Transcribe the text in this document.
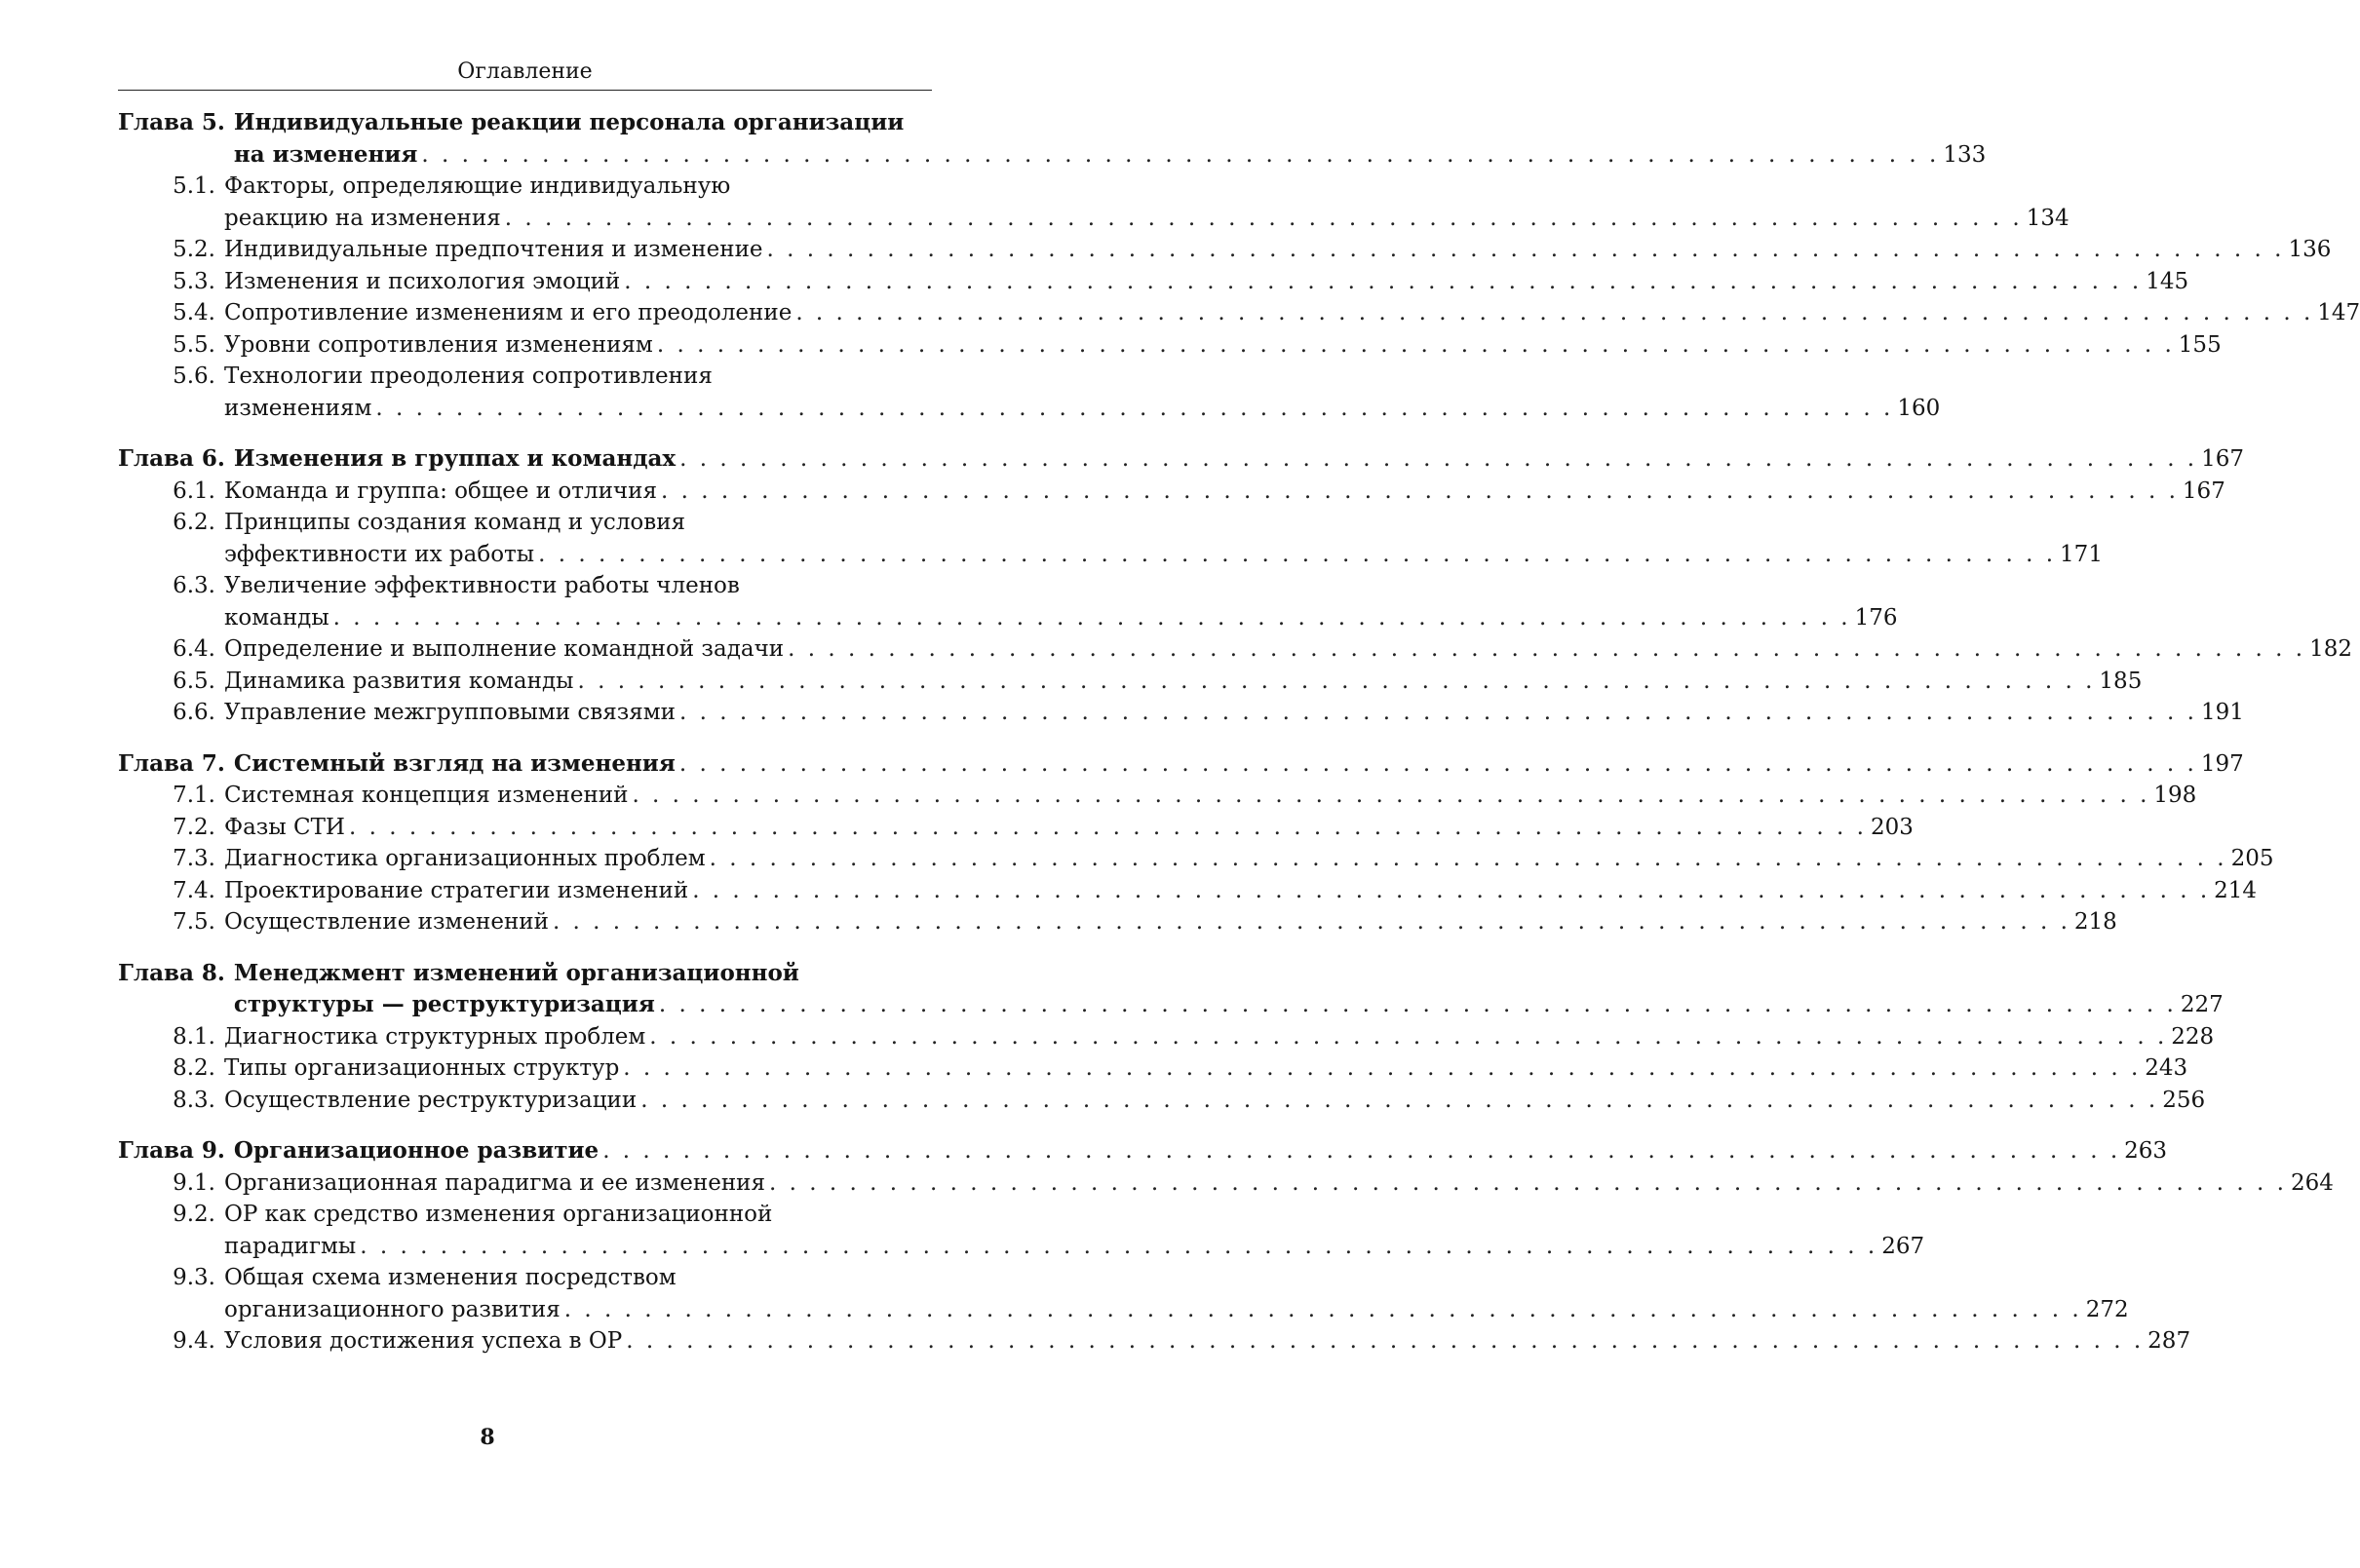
Оглавление
Глава 5. Индивидуальные реакции персонала организации
на изменения . . . . . . . . . . . . . . . . . . . . . . . . . . . . . . . . . . . . . . . . . . . . . . . . . . . . . . . . . . . . . . . . . . . . . . . . . . . . 133
5.1. Факторы, определяющие индивидуальную
реакцию на изменения . . . . . . . . . . . . . . . . . . . . . . . . . . . . . . . . . . . . . . . . . . . . . . . . . . . . . . . . . . . . . . . . . . . . . . . . . . . . 134
5.2. Индивидуальные предпочтения и изменение . . . . . . . . . . . . . . . . . . . . . . . . . . . . . . . . . . . . . . . . . . . . . . . . . . . . . . . . . . . . . . . . . . . . . . . . . . . . 136
5.3. Изменения и психология эмоций . . . . . . . . . . . . . . . . . . . . . . . . . . . . . . . . . . . . . . . . . . . . . . . . . . . . . . . . . . . . . . . . . . . . . . . . . . . . 145
5.4. Сопротивление изменениям и его преодоление . . . . . . . . . . . . . . . . . . . . . . . . . . . . . . . . . . . . . . . . . . . . . . . . . . . . . . . . . . . . . . . . . . . . . . . . . . . . 147
5.5. Уровни сопротивления изменениям . . . . . . . . . . . . . . . . . . . . . . . . . . . . . . . . . . . . . . . . . . . . . . . . . . . . . . . . . . . . . . . . . . . . . . . . . . . . 155
5.6. Технологии преодоления сопротивления
изменениям . . . . . . . . . . . . . . . . . . . . . . . . . . . . . . . . . . . . . . . . . . . . . . . . . . . . . . . . . . . . . . . . . . . . . . . . . . . . 160
Глава 6. Изменения в группах и командах . . . . . . . . . . . . . . . . . . . . . . . . . . . . . . . . . . . . . . . . . . . . . . . . . . . . . . . . . . . . . . . . . . . . . . . . . . . . 167
6.1. Команда и группа: общее и отличия . . . . . . . . . . . . . . . . . . . . . . . . . . . . . . . . . . . . . . . . . . . . . . . . . . . . . . . . . . . . . . . . . . . . . . . . . . . . 167
6.2. Принципы создания команд и условия
эффективности их работы . . . . . . . . . . . . . . . . . . . . . . . . . . . . . . . . . . . . . . . . . . . . . . . . . . . . . . . . . . . . . . . . . . . . . . . . . . . . 171
6.3. Увеличение эффективности работы членов
команды . . . . . . . . . . . . . . . . . . . . . . . . . . . . . . . . . . . . . . . . . . . . . . . . . . . . . . . . . . . . . . . . . . . . . . . . . . . . 176
6.4. Определение и выполнение командной задачи . . . . . . . . . . . . . . . . . . . . . . . . . . . . . . . . . . . . . . . . . . . . . . . . . . . . . . . . . . . . . . . . . . . . . . . . . . . . 182
6.5. Динамика развития команды . . . . . . . . . . . . . . . . . . . . . . . . . . . . . . . . . . . . . . . . . . . . . . . . . . . . . . . . . . . . . . . . . . . . . . . . . . . . 185
6.6. Управление межгрупповыми связями . . . . . . . . . . . . . . . . . . . . . . . . . . . . . . . . . . . . . . . . . . . . . . . . . . . . . . . . . . . . . . . . . . . . . . . . . . . . 191
Глава 7. Системный взгляд на изменения . . . . . . . . . . . . . . . . . . . . . . . . . . . . . . . . . . . . . . . . . . . . . . . . . . . . . . . . . . . . . . . . . . . . . . . . . . . . 197
7.1. Системная концепция изменений . . . . . . . . . . . . . . . . . . . . . . . . . . . . . . . . . . . . . . . . . . . . . . . . . . . . . . . . . . . . . . . . . . . . . . . . . . . . 198
7.2. Фазы СТИ . . . . . . . . . . . . . . . . . . . . . . . . . . . . . . . . . . . . . . . . . . . . . . . . . . . . . . . . . . . . . . . . . . . . . . . . . . . . 203
7.3. Диагностика организационных проблем . . . . . . . . . . . . . . . . . . . . . . . . . . . . . . . . . . . . . . . . . . . . . . . . . . . . . . . . . . . . . . . . . . . . . . . . . . . . 205
7.4. Проектирование стратегии изменений . . . . . . . . . . . . . . . . . . . . . . . . . . . . . . . . . . . . . . . . . . . . . . . . . . . . . . . . . . . . . . . . . . . . . . . . . . . . 214
7.5. Осуществление изменений . . . . . . . . . . . . . . . . . . . . . . . . . . . . . . . . . . . . . . . . . . . . . . . . . . . . . . . . . . . . . . . . . . . . . . . . . . . . 218
Глава 8. Менеджмент изменений организационной
структуры — реструктуризация . . . . . . . . . . . . . . . . . . . . . . . . . . . . . . . . . . . . . . . . . . . . . . . . . . . . . . . . . . . . . . . . . . . . . . . . . . . . 227
8.1. Диагностика структурных проблем . . . . . . . . . . . . . . . . . . . . . . . . . . . . . . . . . . . . . . . . . . . . . . . . . . . . . . . . . . . . . . . . . . . . . . . . . . . . 228
8.2. Типы организационных структур . . . . . . . . . . . . . . . . . . . . . . . . . . . . . . . . . . . . . . . . . . . . . . . . . . . . . . . . . . . . . . . . . . . . . . . . . . . . 243
8.3. Осуществление реструктуризации . . . . . . . . . . . . . . . . . . . . . . . . . . . . . . . . . . . . . . . . . . . . . . . . . . . . . . . . . . . . . . . . . . . . . . . . . . . . 256
Глава 9. Организационное развитие . . . . . . . . . . . . . . . . . . . . . . . . . . . . . . . . . . . . . . . . . . . . . . . . . . . . . . . . . . . . . . . . . . . . . . . . . . . . 263
9.1. Организационная парадигма и ее изменения . . . . . . . . . . . . . . . . . . . . . . . . . . . . . . . . . . . . . . . . . . . . . . . . . . . . . . . . . . . . . . . . . . . . . . . . . . . . 264
9.2. ОР как средство изменения организационной
парадигмы . . . . . . . . . . . . . . . . . . . . . . . . . . . . . . . . . . . . . . . . . . . . . . . . . . . . . . . . . . . . . . . . . . . . . . . . . . . . 267
9.3. Общая схема изменения посредством
организационного развития . . . . . . . . . . . . . . . . . . . . . . . . . . . . . . . . . . . . . . . . . . . . . . . . . . . . . . . . . . . . . . . . . . . . . . . . . . . . 272
9.4. Условия достижения успеха в ОР . . . . . . . . . . . . . . . . . . . . . . . . . . . . . . . . . . . . . . . . . . . . . . . . . . . . . . . . . . . . . . . . . . . . . . . . . . . . 287
8
